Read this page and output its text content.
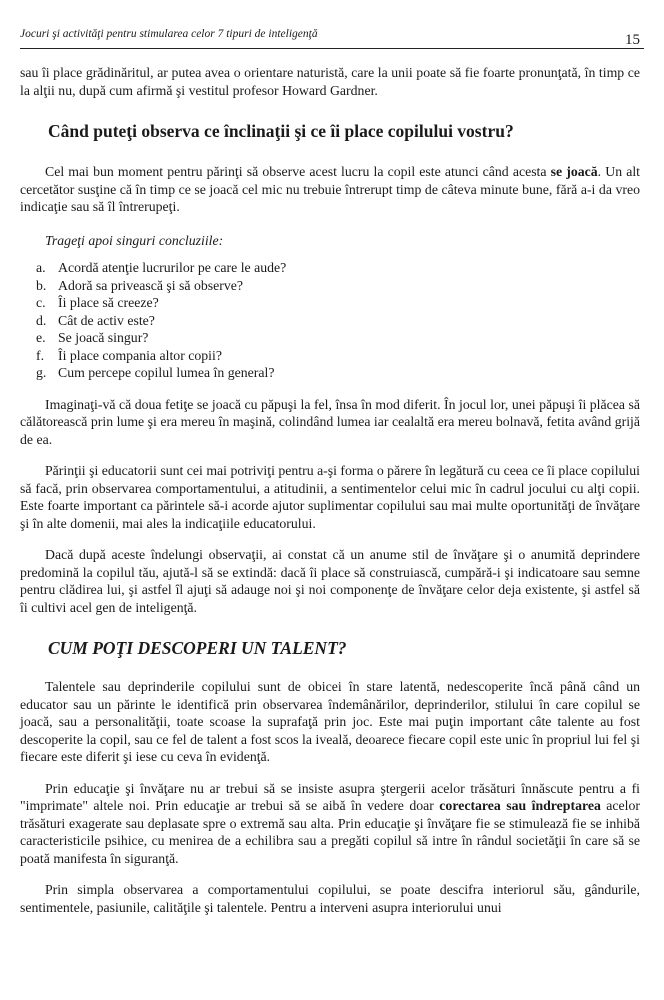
Jocuri şi activităţi pentru stimularea celor 7 tipuri de inteligenţă	15

sau îi place grădinăritul, ar putea avea o orientare naturistă, care la unii poate să fie foarte pronunţată, în timp ce la alţii nu, după cum afirmă şi vestitul profesor Howard Gardner.

Când puteţi observa ce înclinaţii şi ce îi place copilului vostru?

Cel mai bun moment pentru părinţi să observe acest lucru la copil este atunci când acesta se joacă. Un alt cercetător susţine că în timp ce se joacă cel mic nu trebuie întrerupt timp de câteva minute bune, fără a-i da vreo indicaţie sau să îl întrerupeţi.

Trageţi apoi singuri concluziile:

a. Acordă atenţie lucrurilor pe care le aude?
b. Adoră sa privească şi să observe?
c. Îi place să creeze?
d. Cât de activ este?
e. Se joacă singur?
f. Îi place compania altor copii?
g. Cum percepe copilul lumea în general?

Imaginaţi-vă că doua fetiţe se joacă cu păpuşi la fel, însa în mod diferit. În jocul lor, unei păpuşi îi plăcea să călătorească prin lume şi era mereu în maşină, colindând lumea iar cealaltă era mereu bolnavă, fetita având grijă de ea.

Părinţii şi educatorii sunt cei mai potriviţi pentru a-şi forma o părere în legătură cu ceea ce îi place copilului să facă, prin observarea comportamentului, a atitudinii, a sentimentelor celui mic în cadrul jocului cu alţi copii. Este foarte important ca părintele să-i acorde ajutor suplimentar copilului sau mai multe oportunităţi de învăţare şi în alte domenii, mai ales la indicaţiile educatorului.

Dacă după aceste îndelungi observaţii, ai constat că un anume stil de învăţare şi o anumită deprindere predomină la copilul tău, ajută-l să se extindă: dacă îi place să construiască, cumpără-i şi indicatoare sau semne pentru clădirea lui, şi astfel îl ajuţi să adauge noi şi noi componenţe de învăţare celor deja existente, şi astfel să îi cultivi acel gen de inteligenţă.

CUM POŢI DESCOPERI UN TALENT?

Talentele sau deprinderile copilului sunt de obicei în stare latentă, nedescoperite încă până când un educator sau un părinte le identifică prin observarea îndemânărilor, deprinderilor, stilului în care copilul se joacă, sau a personalităţii, toate scoase la suprafaţă prin joc. Este mai puţin important câte talente au fost descoperite la copil, sau ce fel de talent a fost scos la iveală, deoarece fiecare copil este unic în propriul lui fel şi fiecare este diferit şi iese cu ceva în evidenţă.

Prin educaţie şi învăţare nu ar trebui să se insiste asupra ştergerii acelor trăsături înnăscute pentru a fi "imprimate" altele noi. Prin educaţie ar trebui să se aibă în vedere doar corectarea sau îndreptarea acelor trăsături exagerate sau deplasate spre o extremă sau alta. Prin educaţie şi învăţare fie se stimulează fie se inhibă caracteristicile psihice, cu menirea de a echilibra sau a pregăti copilul să intre în rândul societăţii în care să se poată manifesta în siguranţă.

Prin simpla observarea a comportamentului copilului, se poate descifra interiorul său, gândurile, sentimentele, pasiunile, calităţile şi talentele. Pentru a interveni asupra interiorului unui
